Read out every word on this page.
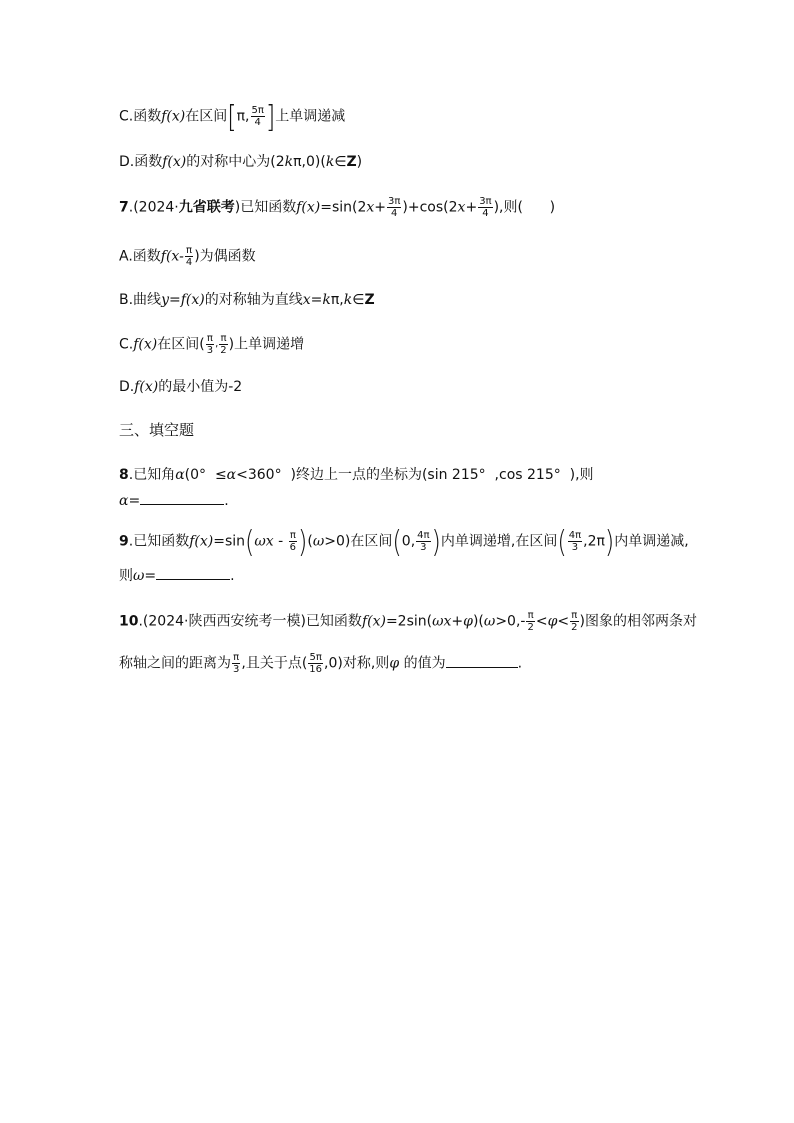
C.函数f(x)在区间[π, $\frac{5\pi}{4}$ ]上单调递减
D.函数f(x)的对称中心为(2kπ,0)(k∈Z)
7.(2024·九省联考)已知函数$f(x)=\sin(2x+ \frac{3\pi}{4} )+\cos(2x+ \frac{3\pi}{4}$ ),则( )
A.函数$f(x- \frac{\pi}{4}$ )为偶函数
B.曲线y=f(x)的对称轴为直线x=kπ,k∈Z
C.f(x)在区间( $\frac{\pi}{3}$ , $\frac{\pi}{2}$ )上单调递增
D.f(x)的最小值为-2
三、填空题
8.已知角α(0°  ≤α<360°  )终边上一点的坐标为(sin 215°  ,cos 215°  ),则
α=	.
9.已知函数$f(x)=\sin(\omega x - \frac{\pi}{6} )(\omega>0)$在区间(0, $\frac{4\pi}{3}$ )内单调递增,在区间( $\frac{4\pi}{3} ,2\pi$)内单调递减,
则ω=	.
10.(2024·陕西西安统考一模)已知函数$f(x)=2\sin(\omega x+\varphi)(\omega>0,- \frac{\pi}{2} <\varphi< \frac{\pi}{2}$ )图象的相邻两条对
称轴之间的距离为 $\frac{\pi}{3}$ ,且关于点( $\frac{5\pi}{16} ,0$)对称,则φ 的值为	.
